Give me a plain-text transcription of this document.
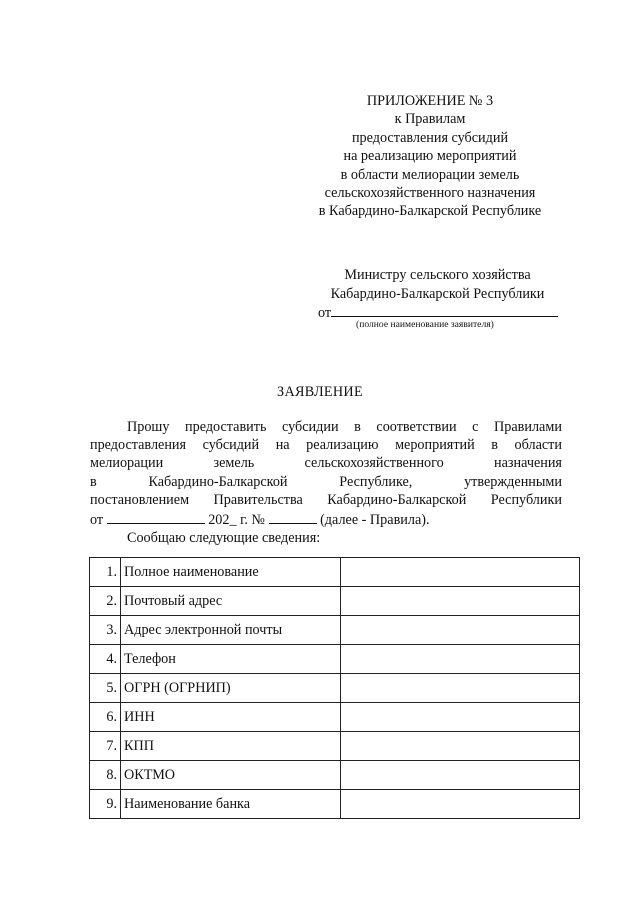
ПРИЛОЖЕНИЕ № 3
к Правилам
предоставления субсидий
на реализацию мероприятий
в области мелиорации земель
сельскохозяйственного назначения
в Кабардино-Балкарской Республике
Министру сельского хозяйства
Кабардино-Балкарской Республики
от
(полное наименование заявителя)
ЗАЯВЛЕНИЕ
Прошу предоставить субсидии в соответствии с Правилами
предоставления субсидий на реализацию мероприятий в области
мелиорации	земель	сельскохозяйственного	назначения
в	Кабардино-Балкарской	Республике,	утвержденными
постановлением Правительства Кабардино-Балкарской Республики
от	202_ г. №	(далее - Правила).
Сообщаю следующие сведения:
1.	Полное наименование	
2.	Почтовый адрес	
3.	Адрес электронной почты	
4.	Телефон	
5.	ОГРН (ОГРНИП)	
6.	ИНН	
7.	КПП	
8.	ОКТМО	
9.	Наименование банка	
